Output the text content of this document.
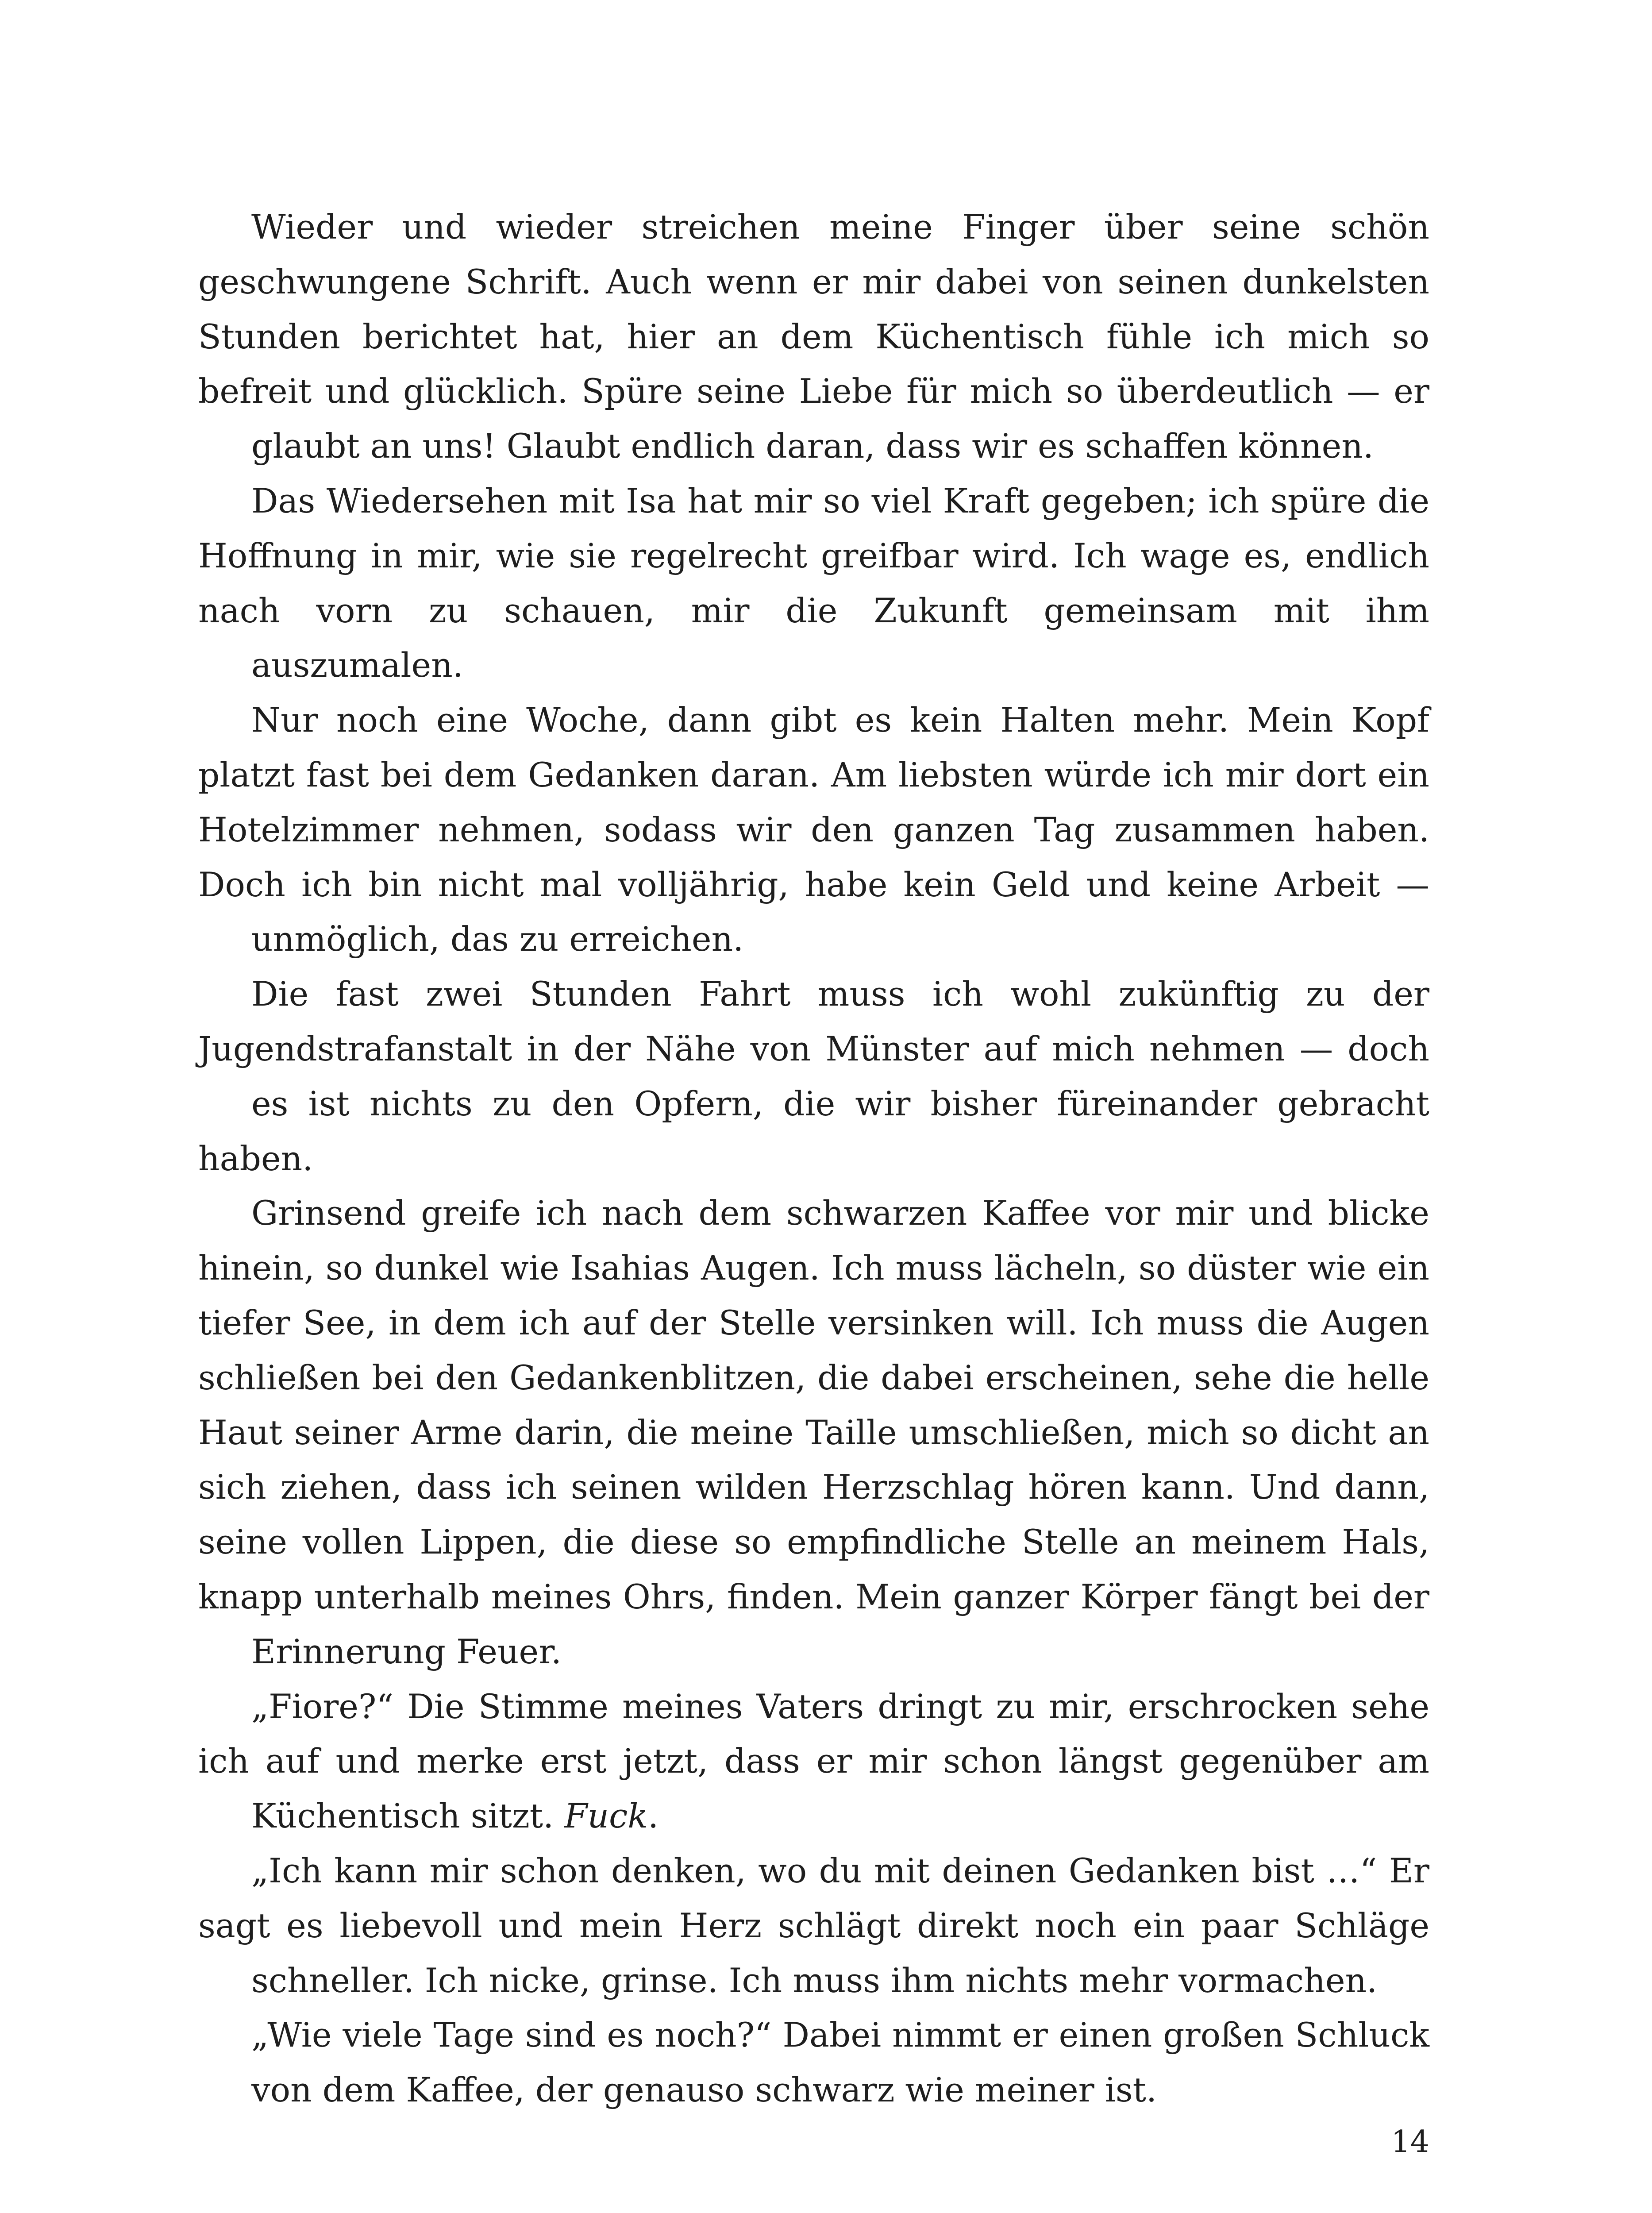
Wieder und wieder streichen meine Finger über seine schön
geschwungene Schrift. Auch wenn er mir dabei von seinen dunkelsten
Stunden berichtet hat, hier an dem Küchentisch fühle ich mich so
befreit und glücklich. Spüre seine Liebe für mich so überdeutlich — er

glaubt an uns! Glaubt endlich daran, dass wir es schaffen können.

Das Wiedersehen mit Isa hat mir so viel Kraft gegeben; ich spüre die
Hoffnung in mir, wie sie regelrecht greifbar wird. Ich wage es, endlich
nach vorn zu schauen, mir die Zukunft gemeinsam mit ihm

auszumalen.

Nur noch eine Woche, dann gibt es kein Halten mehr. Mein Kopf
platzt fast bei dem Gedanken daran. Am liebsten würde ich mir dort ein
Hotelzimmer nehmen, sodass wir den ganzen Tag zusammen haben.
Doch ich bin nicht mal volljährig, habe kein Geld und keine Arbeit —

unmöglich, das zu erreichen.

Die fast zwei Stunden Fahrt muss ich wohl zukünftig zu der
Jugendstrafanstalt in der Nähe von Münster auf mich nehmen — doch

es ist nichts zu den Opfern, die wir bisher füreinander gebracht haben.

Grinsend greife ich nach dem schwarzen Kaffee vor mir und blicke
hinein, so dunkel wie Isahias Augen. Ich muss lächeln, so düster wie ein
tiefer See, in dem ich auf der Stelle versinken will. Ich muss die Augen
schließen bei den Gedankenblitzen, die dabei erscheinen, sehe die helle
Haut seiner Arme darin, die meine Taille umschließen, mich so dicht an
sich ziehen, dass ich seinen wilden Herzschlag hören kann. Und dann,
seine vollen Lippen, die diese so empfindliche Stelle an meinem Hals,
knapp unterhalb meines Ohrs, finden. Mein ganzer Körper fängt bei der

Erinnerung Feuer.

„Fiore?“ Die Stimme meines Vaters dringt zu mir, erschrocken sehe
ich auf und merke erst jetzt, dass er mir schon längst gegenüber am

Küchentisch sitzt. Fuck.

„Ich kann mir schon denken, wo du mit deinen Gedanken bist …“ Er
sagt es liebevoll und mein Herz schlägt direkt noch ein paar Schläge

schneller. Ich nicke, grinse. Ich muss ihm nichts mehr vormachen.

„Wie viele Tage sind es noch?“ Dabei nimmt er einen großen Schluck

von dem Kaffee, der genauso schwarz wie meiner ist.

14
